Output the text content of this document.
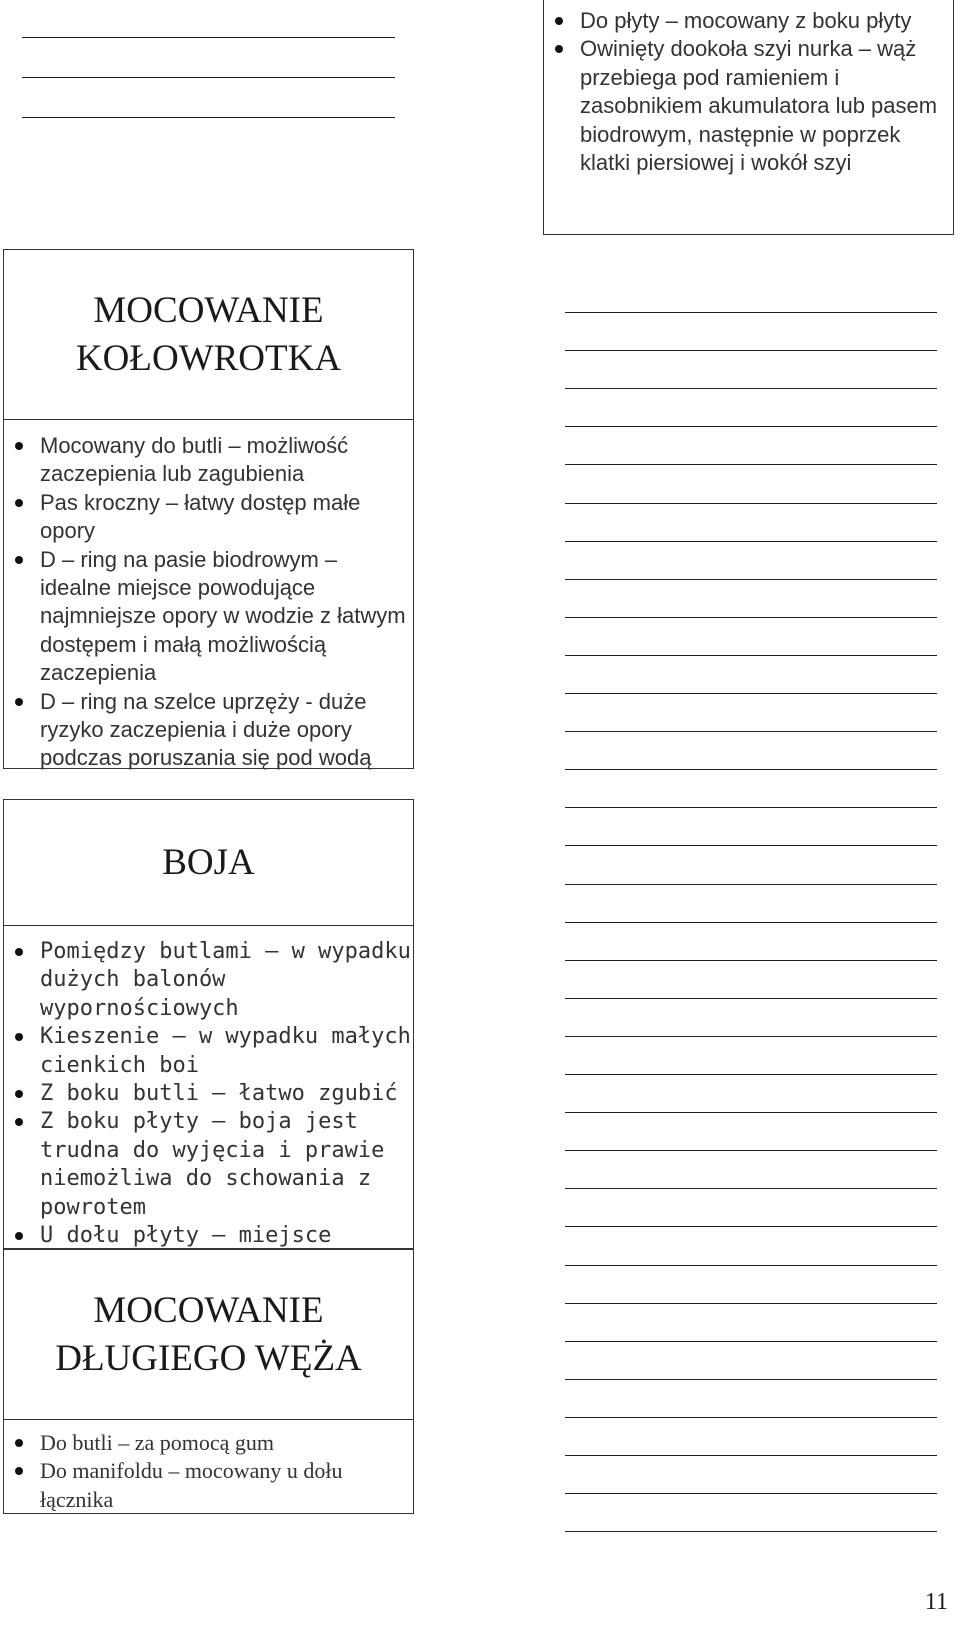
Do płyty – mocowany z boku płyty
Owinięty dookoła szyi nurka – wąż przebiega pod ramieniem i zasobnikiem akumulatora lub pasem biodrowym, następnie w poprzek klatki piersiowej i wokół szyi
MOCOWANIE
KOŁOWROTKA
Mocowany do butli – możliwość zaczepienia lub zagubienia
Pas kroczny – łatwy dostęp małe opory
D – ring na pasie biodrowym – idealne miejsce powodujące najmniejsze opory w wodzie z łatwym dostępem i małą możliwością zaczepienia
D – ring na szelce uprzęży - duże ryzyko zaczepienia i duże opory podczas poruszania się pod wodą
BOJA
Pomiędzy butlami – w wypadku dużych balonów wypornościowych
Kieszenie – w wypadku małych cienkich boi
Z boku butli – łatwo zgubić
Z boku płyty – boja jest trudna do wyjęcia i prawie niemożliwa do schowania z powrotem
U dołu płyty – miejsce
MOCOWANIE
DŁUGIEGO WĘŻA
Do butli – za pomocą gum
Do manifoldu – mocowany u dołu łącznika
11
